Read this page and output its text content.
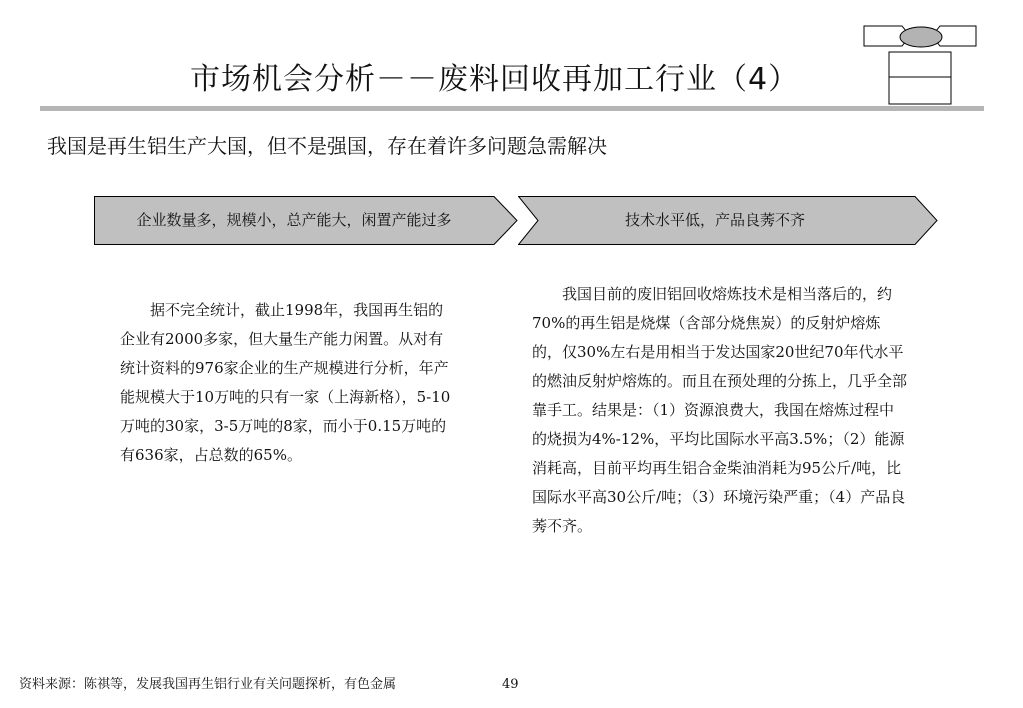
市场机会分析－－废料回收再加工行业（4）
我国是再生铝生产大国，但不是强国，存在着许多问题急需解决
企业数量多，规模小，总产能大，闲置产能过多	技术水平低，产品良莠不齐

据不完全统计，截止1998年，我国再生铝的企业有2000多家，但大量生产能力闲置。从对有统计资料的976家企业的生产规模进行分析，年产能规模大于10万吨的只有一家（上海新格），5-10万吨的30家，3-5万吨的8家，而小于0.15万吨的有636家，占总数的65%。

我国目前的废旧铝回收熔炼技术是相当落后的，约70%的再生铝是烧煤（含部分烧焦炭）的反射炉熔炼的，仅30%左右是用相当于发达国家20世纪70年代水平的燃油反射炉熔炼的。而且在预处理的分拣上，几乎全部靠手工。结果是：（1）资源浪费大，我国在熔炼过程中的烧损为4%-12%，平均比国际水平高3.5%；（2）能源消耗高，目前平均再生铝合金柴油消耗为95公斤/吨，比国际水平高30公斤/吨；（3）环境污染严重；（4）产品良莠不齐。

资料来源：陈祺等，发展我国再生铝行业有关问题探析，有色金属	49
